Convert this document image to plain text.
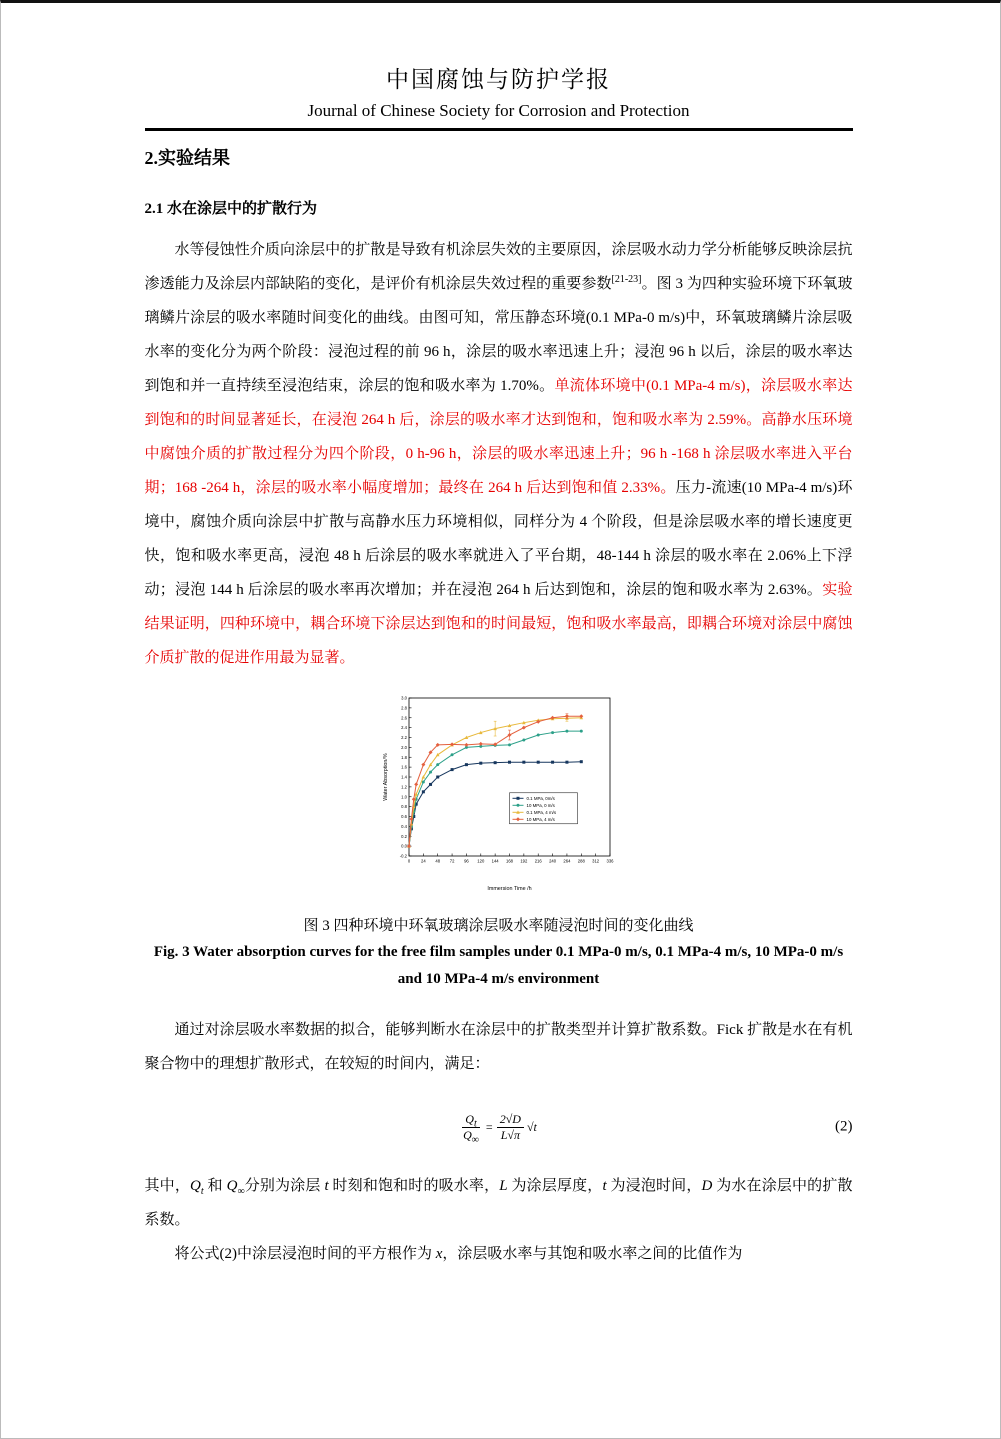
中国腐蚀与防护学报
Journal of Chinese Society for Corrosion and Protection
2.实验结果
2.1 水在涂层中的扩散行为

水等侵蚀性介质向涂层中的扩散是导致有机涂层失效的主要原因，涂层吸水动力学分析能够反映涂层抗渗透能力及涂层内部缺陷的变化，是评价有机涂层失效过程的重要参数[21-23]。图 3 为四种实验环境下环氧玻璃鳞片涂层的吸水率随时间变化的曲线。由图可知，常压静态环境(0.1 MPa-0 m/s)中，环氧玻璃鳞片涂层吸水率的变化分为两个阶段：浸泡过程的前 96 h，涂层的吸水率迅速上升；浸泡 96 h 以后，涂层的吸水率达到饱和并一直持续至浸泡结束，涂层的饱和吸水率为 1.70%。单流体环境中(0.1 MPa-4 m/s)，涂层吸水率达到饱和的时间显著延长，在浸泡 264 h 后，涂层的吸水率才达到饱和，饱和吸水率为 2.59%。高静水压环境中腐蚀介质的扩散过程分为四个阶段，0 h-96 h，涂层的吸水率迅速上升；96 h -168 h 涂层吸水率进入平台期；168 -264 h，涂层的吸水率小幅度增加；最终在 264 h 后达到饱和值 2.33%。压力-流速(10 MPa-4 m/s)环境中，腐蚀介质向涂层中扩散与高静水压力环境相似，同样分为 4 个阶段，但是涂层吸水率的增长速度更快，饱和吸水率更高，浸泡 48 h 后涂层的吸水率就进入了平台期，48-144 h 涂层的吸水率在 2.06%上下浮动；浸泡 144 h 后涂层的吸水率再次增加；并在浸泡 264 h 后达到饱和，涂层的饱和吸水率为 2.63%。实验结果证明，四种环境中，耦合环境下涂层达到饱和的时间最短，饱和吸水率最高，即耦合环境对涂层中腐蚀介质扩散的促进作用最为显著。

0	24 48 72 96 120 144 168 192 216 240 264 288 312 336
-0.2
0.0
0.2
0.4
0.6
0.8
1.0
1.2
1.4
1.6
1.8
2.0
2.2
2.4
2.6
2.8
3.0
0.1 MPa, 0m/s
10 MPa, 0 m/s
0.1 MPa, 4 m/s
10 MPa, 4 m/s
Immersion Time /h
Water Absorption/%
图 3 四种环境中环氧玻璃涂层吸水率随浸泡时间的变化曲线
Fig. 3 Water absorption curves for the free film samples under 0.1 MPa-0 m/s, 0.1 MPa-4 m/s, 10 MPa-0 m/s and 10 MPa-4 m/s environment

通过对涂层吸水率数据的拟合，能够判断水在涂层中的扩散类型并计算扩散系数。Fick 扩散是水在有机聚合物中的理想扩散形式，在较短的时间内，满足：

$\frac{Q_t}{Q_\infty} = \frac{2√D}{L√\pi} √t$	(2)

其中，$Q_t$ 和 $Q_\infty$分别为涂层 t 时刻和饱和时的吸水率，L 为涂层厚度，t 为浸泡时间，D 为水在涂层中的扩散系数。

将公式(2)中涂层浸泡时间的平方根作为 x，涂层吸水率与其饱和吸水率之间的比值作为
